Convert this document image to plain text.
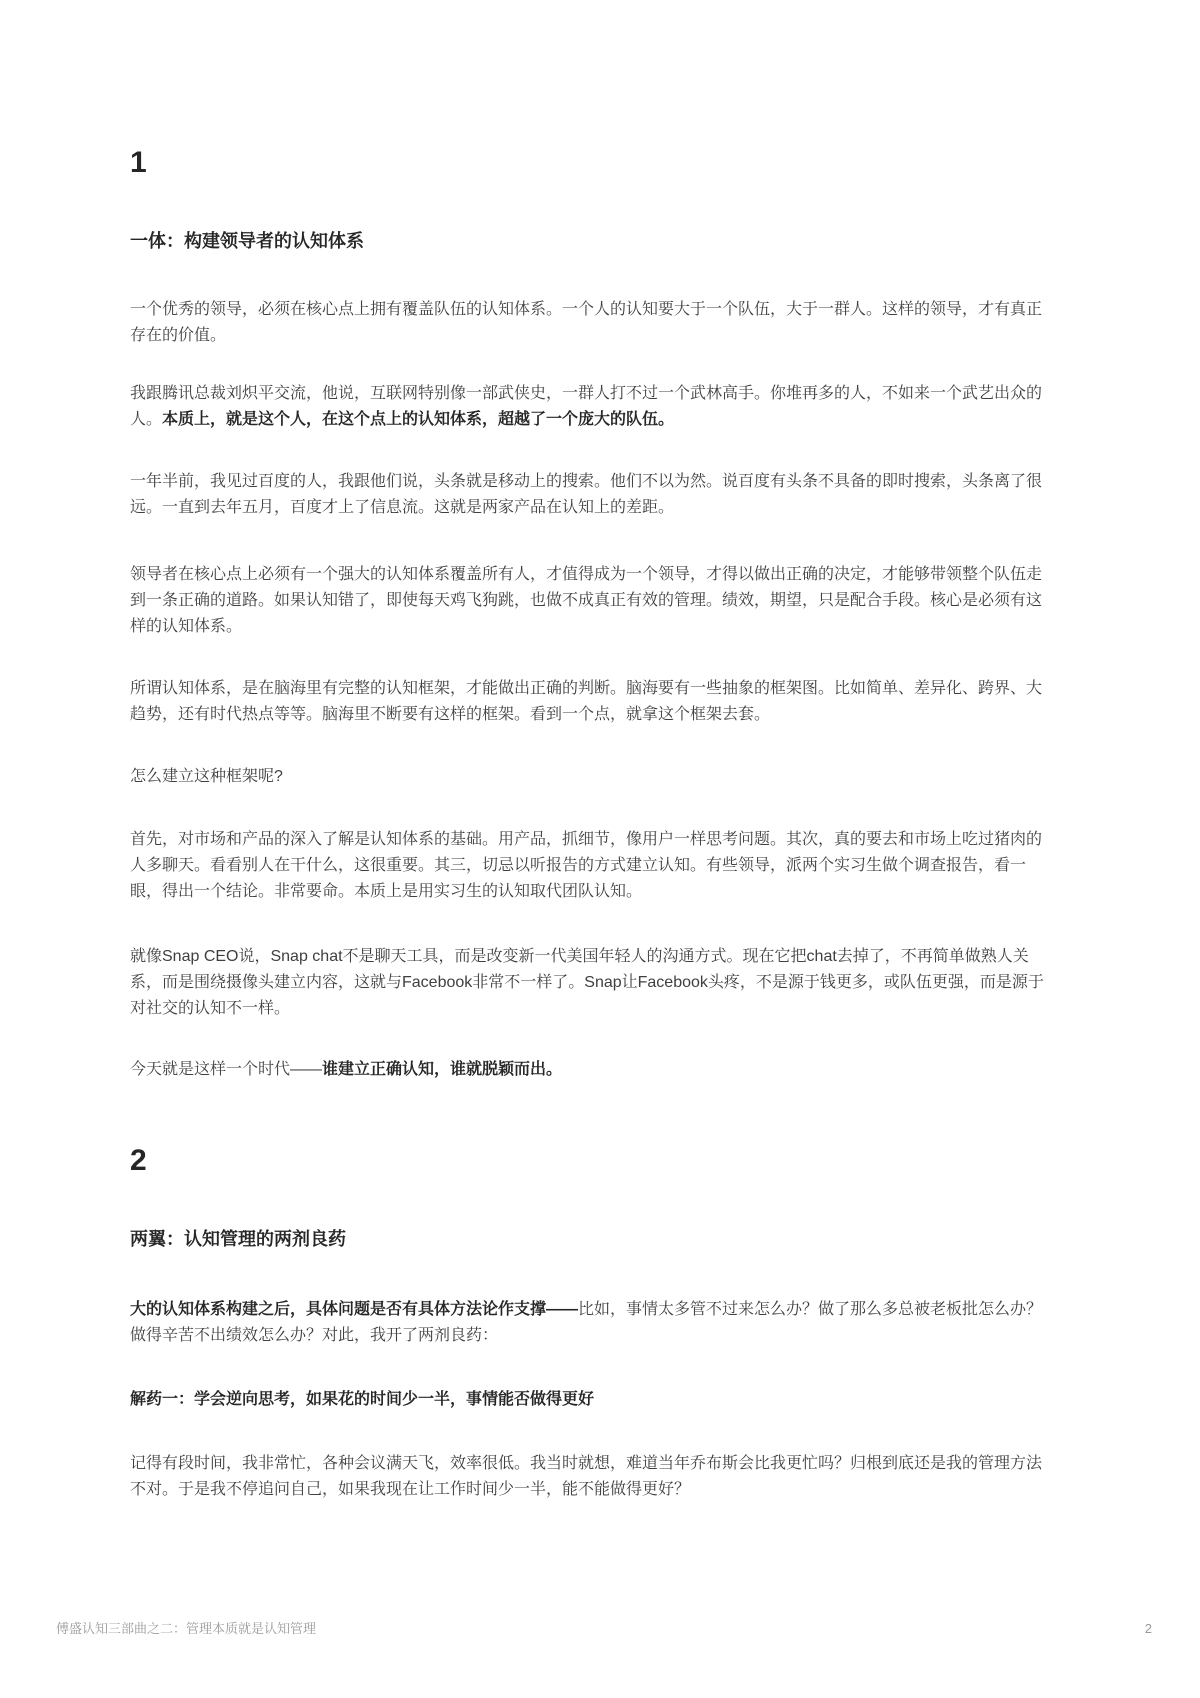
1
一体：构建领导者的认知体系

一个优秀的领导，必须在核心点上拥有覆盖队伍的认知体系。一个人的认知要大于一个队伍，大于一群人。这样的领导，才有真正存在的价值。

我跟腾讯总裁刘炽平交流，他说，互联网特别像一部武侠史，一群人打不过一个武林高手。你堆再多的人，不如来一个武艺出众的人。本质上，就是这个人，在这个点上的认知体系，超越了一个庞大的队伍。

一年半前，我见过百度的人，我跟他们说，头条就是移动上的搜索。他们不以为然。说百度有头条不具备的即时搜索，头条离了很远。一直到去年五月，百度才上了信息流。这就是两家产品在认知上的差距。

领导者在核心点上必须有一个强大的认知体系覆盖所有人，才值得成为一个领导，才得以做出正确的决定，才能够带领整个队伍走到一条正确的道路。如果认知错了，即使每天鸡飞狗跳，也做不成真正有效的管理。绩效，期望，只是配合手段。核心是必须有这样的认知体系。

所谓认知体系，是在脑海里有完整的认知框架，才能做出正确的判断。脑海要有一些抽象的框架图。比如简单、差异化、跨界、大趋势，还有时代热点等等。脑海里不断要有这样的框架。看到一个点，就拿这个框架去套。

怎么建立这种框架呢?

首先，对市场和产品的深入了解是认知体系的基础。用产品，抓细节，像用户一样思考问题。其次，真的要去和市场上吃过猪肉的人多聊天。看看别人在干什么，这很重要。其三，切忌以听报告的方式建立认知。有些领导，派两个实习生做个调查报告，看一眼，得出一个结论。非常要命。本质上是用实习生的认知取代团队认知。

就像Snap CEO说，Snap chat不是聊天工具，而是改变新一代美国年轻人的沟通方式。现在它把chat去掉了，不再简单做熟人关系，而是围绕摄像头建立内容，这就与Facebook非常不一样了。Snap让Facebook头疼，不是源于钱更多，或队伍更强，而是源于对社交的认知不一样。

今天就是这样一个时代——谁建立正确认知，谁就脱颖而出。

2
两翼：认知管理的两剂良药

大的认知体系构建之后，具体问题是否有具体方法论作支撑——比如，事情太多管不过来怎么办？做了那么多总被老板批怎么办？做得辛苦不出绩效怎么办？对此，我开了两剂良药：

解药一：学会逆向思考，如果花的时间少一半，事情能否做得更好

记得有段时间，我非常忙，各种会议满天飞，效率很低。我当时就想，难道当年乔布斯会比我更忙吗？归根到底还是我的管理方法不对。于是我不停追问自己，如果我现在让工作时间少一半，能不能做得更好？

傅盛认知三部曲之二：管理本质就是认知管理	2
